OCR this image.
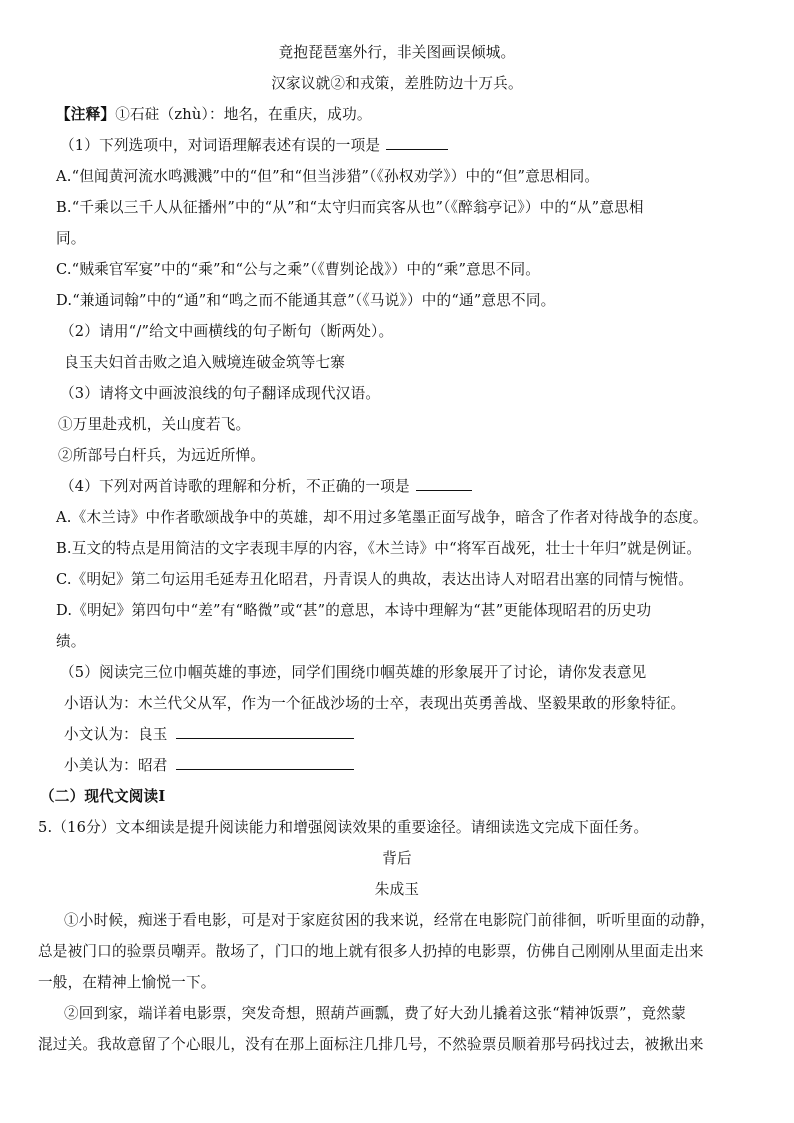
竟抱琵琶塞外行，非关图画误倾城。
汉家议就②和戎策，差胜防边十万兵。
【注释】①石砫（zhù）：地名，在重庆，成功。
（1）下列选项中，对词语理解表述有误的一项是
A.“但闻黄河流水鸣溅溅”中的“但”和“但当涉猎”（《孙权劝学》）中的“但”意思相同。
B.“千乘以三千人从征播州”中的“从”和“太守归而宾客从也”（《醉翁亭记》）中的“从”意思相
同。
C.“贼乘官军宴”中的“乘”和“公与之乘”（《曹刿论战》）中的“乘”意思不同。
D.“兼通词翰”中的“通”和“鸣之而不能通其意”（《马说》）中的“通”意思不同。
（2）请用“/”给文中画横线的句子断句（断两处）。
良玉夫妇首击败之追入贼境连破金筑等七寨
（3）请将文中画波浪线的句子翻译成现代汉语。
①万里赴戎机，关山度若飞。
②所部号白杆兵，为远近所惮。
（4）下列对两首诗歌的理解和分析，不正确的一项是
A.《木兰诗》中作者歌颂战争中的英雄，却不用过多笔墨正面写战争，暗含了作者对待战争的态度。
B.互文的特点是用简洁的文字表现丰厚的内容，《木兰诗》中“将军百战死，壮士十年归”就是例证。
C.《明妃》第二句运用毛延寿丑化昭君，丹青误人的典故，表达出诗人对昭君出塞的同情与惋惜。
D.《明妃》第四句中“差”有“略微”或“甚”的意思，本诗中理解为“甚”更能体现昭君的历史功
绩。
（5）阅读完三位巾帼英雄的事迹，同学们围绕巾帼英雄的形象展开了讨论，请你发表意见
小语认为：木兰代父从军，作为一个征战沙场的士卒，表现出英勇善战、坚毅果敢的形象特征。
小文认为：良玉
小美认为：昭君
（二）现代文阅读Ⅰ
5.（16分）文本细读是提升阅读能力和增强阅读效果的重要途径。请细读选文完成下面任务。
背后
朱成玉
①小时候，痴迷于看电影，可是对于家庭贫困的我来说，经常在电影院门前徘徊，听听里面的动静，
总是被门口的验票员嘲弄。散场了，门口的地上就有很多人扔掉的电影票，仿佛自己刚刚从里面走出来
一般，在精神上愉悦一下。
②回到家，端详着电影票，突发奇想，照葫芦画瓢，费了好大劲儿撬着这张“精神饭票”，竟然蒙
混过关。我故意留了个心眼儿，没有在那上面标注几排几号，不然验票员顺着那号码找过去，被揪出来
